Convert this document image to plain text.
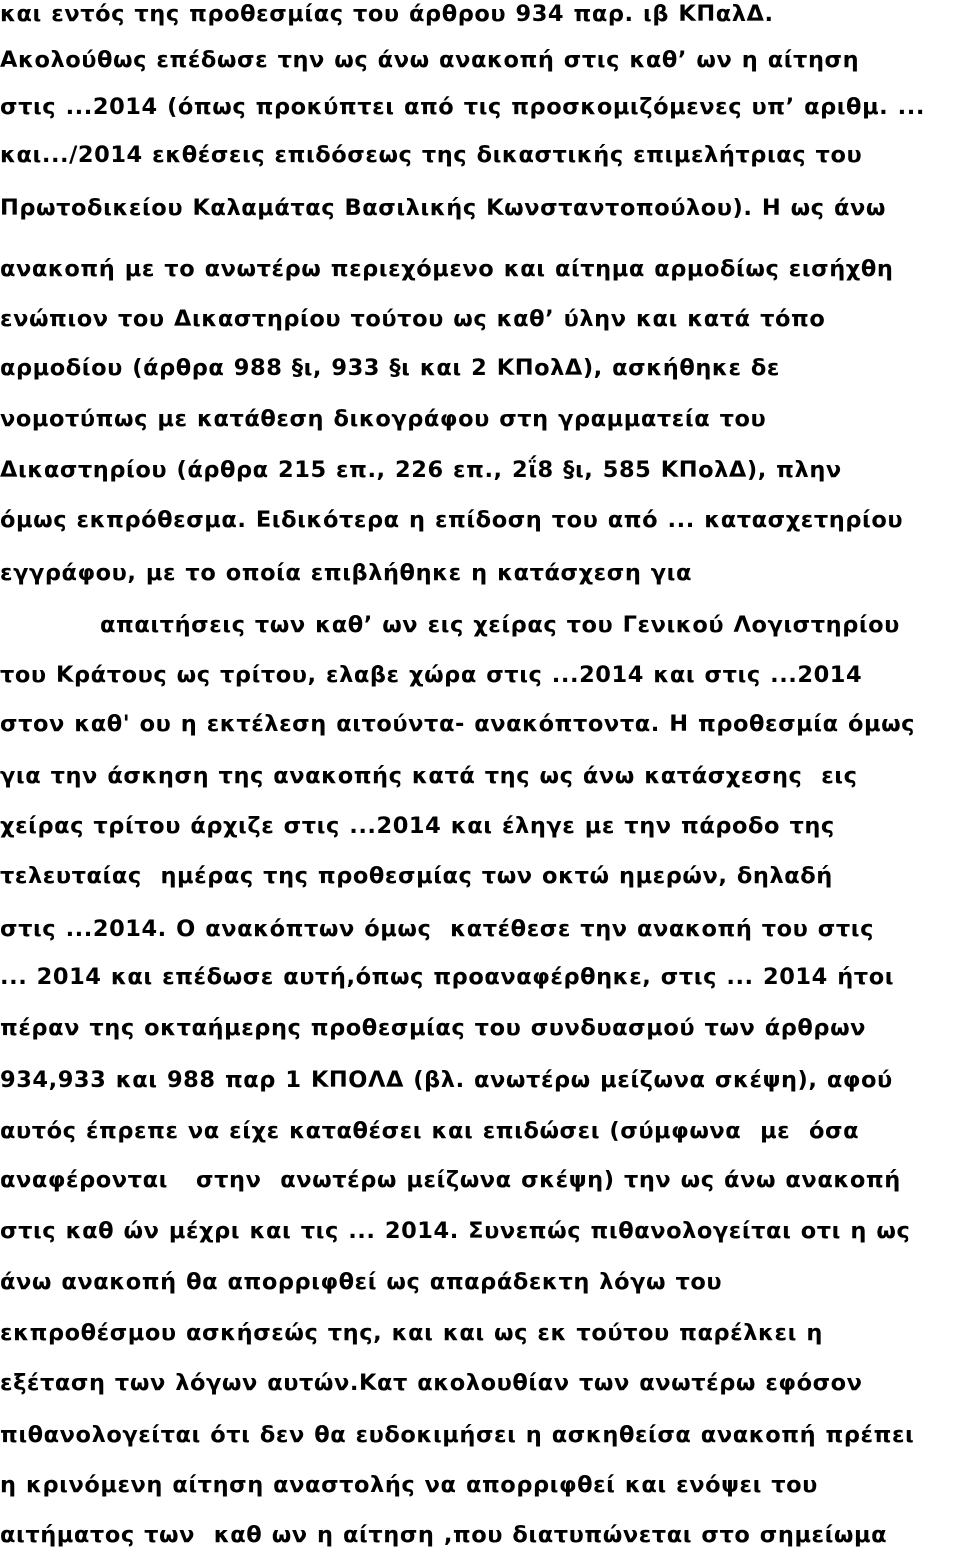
και εντός της προθεσμίας του άρθρου 934 παρ. ιβ ΚΠαλΔ.
Ακολούθως επέδωσε την ως άνω ανακοπή στις καθ’ ων η αίτηση
στις ...2014 (όπως προκύπτει από τις προσκομιζόμενες υπ’ αριθμ. ...
και.../2014 εκθέσεις επιδόσεως της δικαστικής επιμελήτριας του
Πρωτοδικείου Καλαμάτας Βασιλικής Κωνσταντοπούλου). Η ως άνω
ανακοπή με το ανωτέρω περιεχόμενο και αίτημα αρμοδίως εισήχθη
ενώπιον του Δικαστηρίου τούτου ως καθ’ ύλην και κατά τόπο
αρμοδίου (άρθρα 988 §ι, 933 §ι και 2 ΚΠολΔ), ασκήθηκε δε
νομοτύπως με κατάθεση δικογράφου στη γραμματεία του
Δικαστηρίου (άρθρα 215 επ., 226 επ., 2ΐ8 §ι, 585 ΚΠολΔ), πλην
όμως εκπρόθεσμα. Ειδικότερα η επίδοση του από ... κατασχετηρίου
εγγράφου, με το οποία επιβλήθηκε η κατάσχεση για
απαιτήσεις των καθ’ ων εις χείρας του Γενικού Λογιστηρίου
του Κράτους ως τρίτου, ελαβε χώρα στις ...2014 και στις ...2014
στον καθ' ου η εκτέλεση αιτούντα- ανακόπτοντα. Η προθεσμία όμως
για την άσκηση της ανακοπής κατά της ως άνω κατάσχεσης  εις
χείρας τρίτου άρχιζε στις ...2014 και έληγε με την πάροδο της
τελευταίας  ημέρας της προθεσμίας των οκτώ ημερών, δηλαδή
στις ...2014. Ο ανακόπτων όμως  κατέθεσε την ανακοπή του στις
... 2014 και επέδωσε αυτή,όπως προαναφέρθηκε, στις ... 2014 ήτοι
πέραν της οκταήμερης προθεσμίας του συνδυασμού των άρθρων
934,933 και 988 παρ 1 ΚΠΟΛΔ (βλ. ανωτέρω μείζωνα σκέψη), αφού
αυτός έπρεπε να είχε καταθέσει και επιδώσει (σύμφωνα  με  όσα
αναφέρονται   στην  ανωτέρω μείζωνα σκέψη) την ως άνω ανακοπή
στις καθ ών μέχρι και τις ... 2014. Συνεπώς πιθανολογείται οτι η ως
άνω ανακοπή θα απορριφθεί ως απαράδεκτη λόγω του
εκπροθέσμου ασκήσεώς της, και και ως εκ τούτου παρέλκει η
εξέταση των λόγων αυτών.Κατ ακολουθίαν των ανωτέρω εφόσον
πιθανολογείται ότι δεν θα ευδοκιμήσει η ασκηθείσα ανακοπή πρέπει
η κρινόμενη αίτηση αναστολής να απορριφθεί και ενόψει του
αιτήματος των  καθ ων η αίτηση ,που διατυπώνεται στο σημείωμα
